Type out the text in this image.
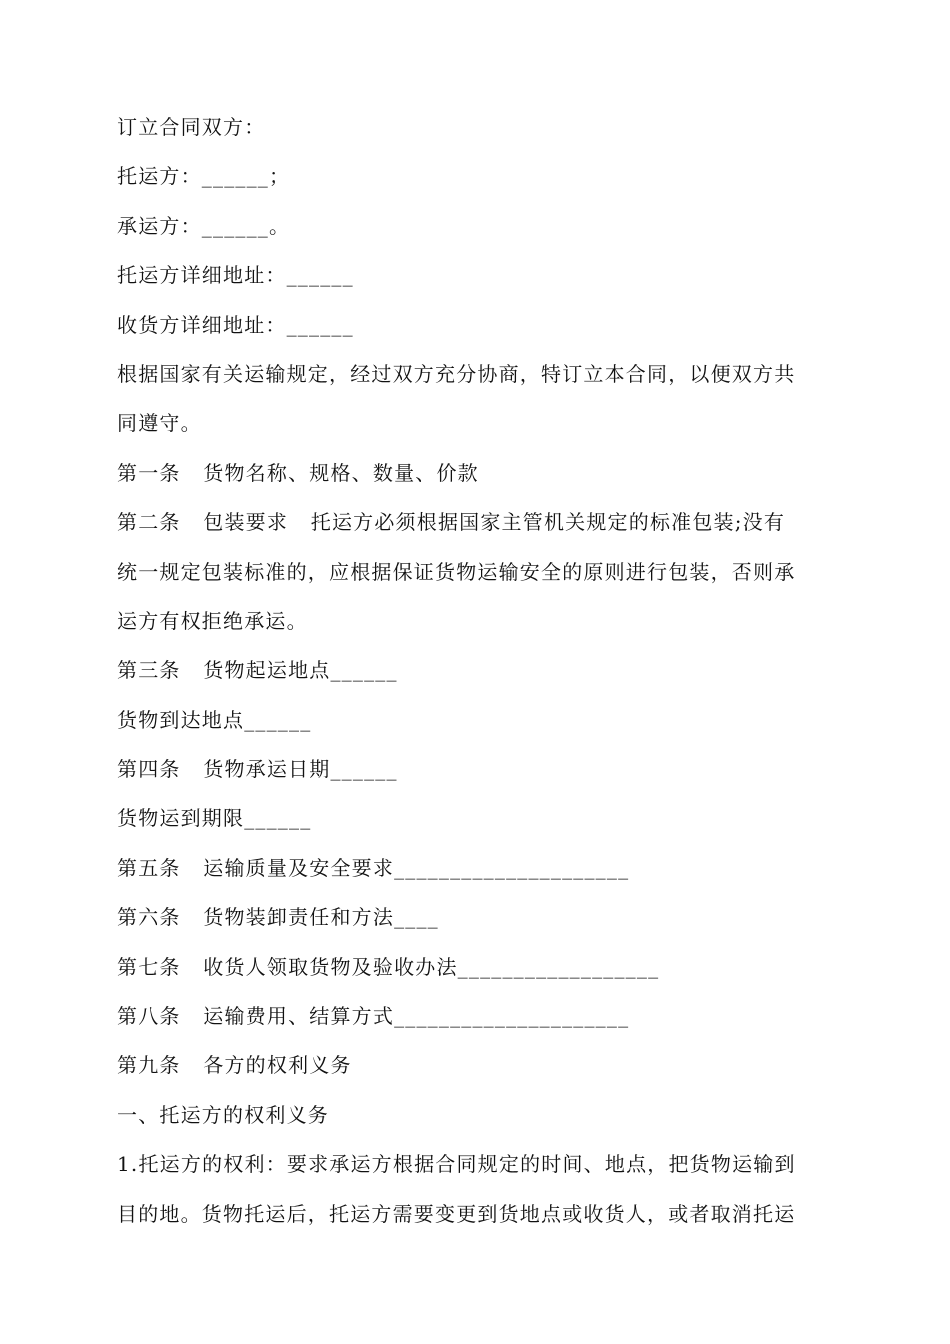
订立合同双方：
托运方：______；
承运方：______。
托运方详细地址：______
收货方详细地址：______
根据国家有关运输规定，经过双方充分协商，特订立本合同，以便双方共
同遵守。
第一条   货物名称、规格、数量、价款
第二条   包装要求   托运方必须根据国家主管机关规定的标准包装;没有
统一规定包装标准的，应根据保证货物运输安全的原则进行包装，否则承
运方有权拒绝承运。
第三条   货物起运地点______
货物到达地点______
第四条   货物承运日期______
货物运到期限______
第五条   运输质量及安全要求_____________________
第六条   货物装卸责任和方法____
第七条   收货人领取货物及验收办法__________________
第八条   运输费用、结算方式_____________________
第九条   各方的权利义务
一、托运方的权利义务
1.托运方的权利：要求承运方根据合同规定的时间、地点，把货物运输到
目的地。货物托运后，托运方需要变更到货地点或收货人，或者取消托运
